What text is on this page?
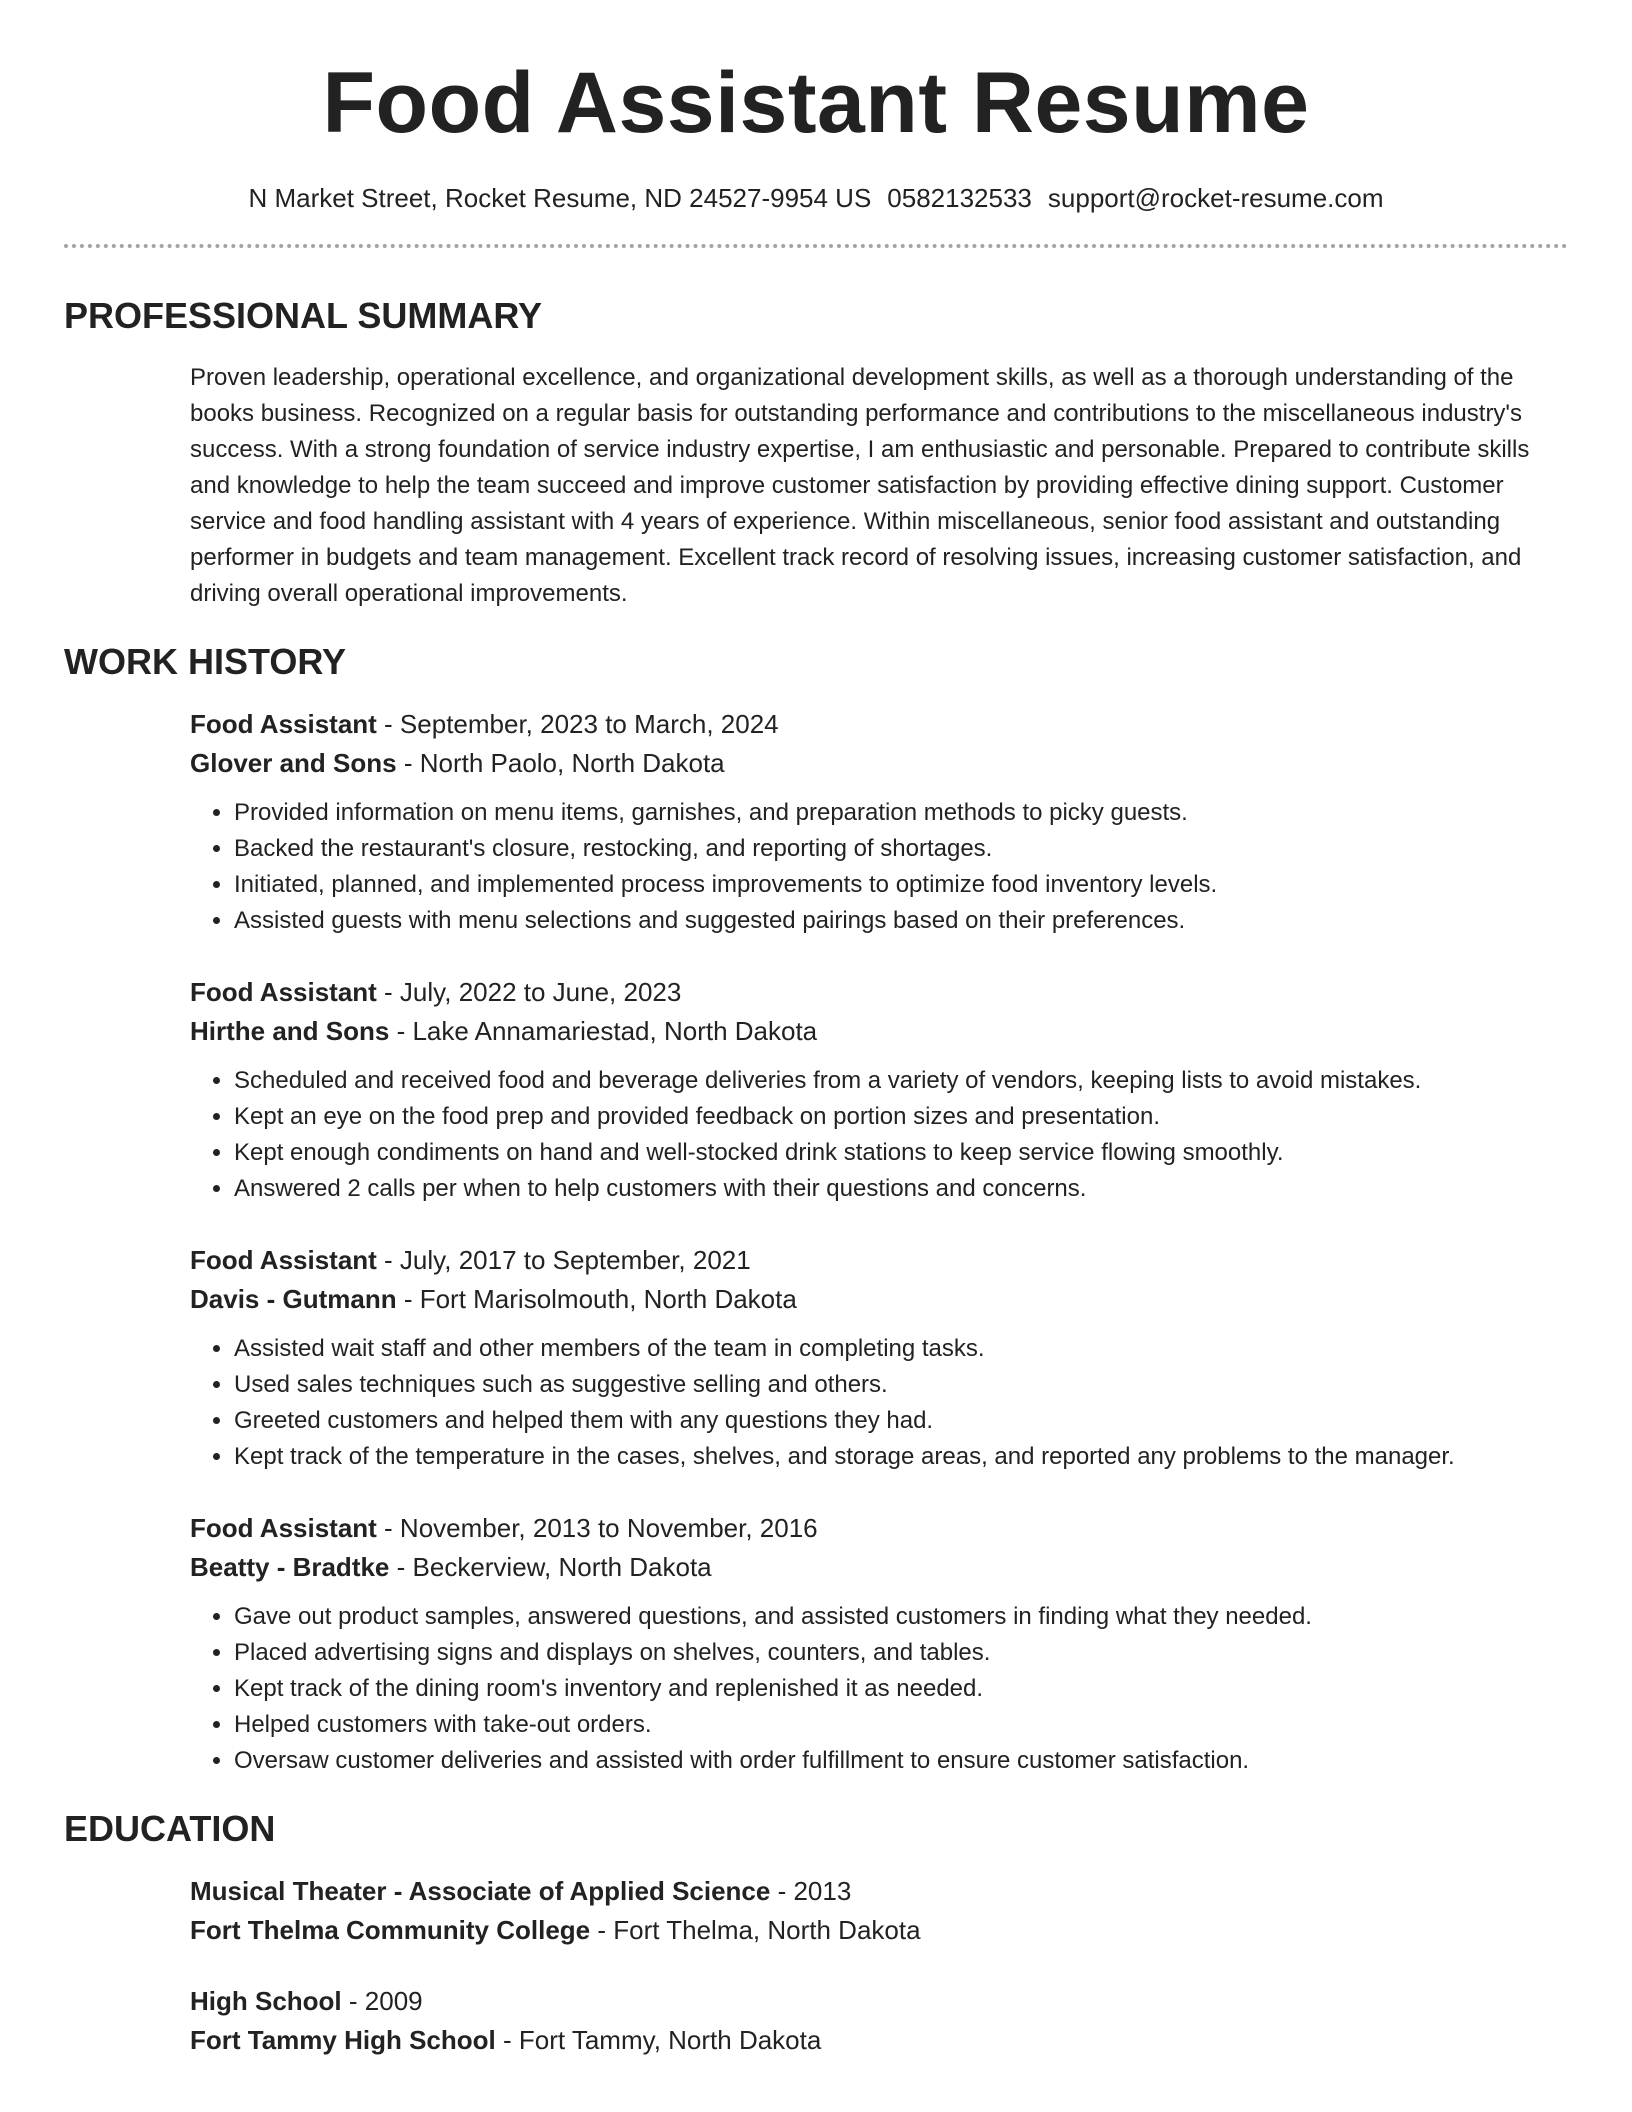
Food Assistant Resume
N Market Street, Rocket Resume, ND 24527-9954 US 0582132533 support@rocket-resume.com
PROFESSIONAL SUMMARY

Proven leadership, operational excellence, and organizational development skills, as well as a thorough understanding of the books business. Recognized on a regular basis for outstanding performance and contributions to the miscellaneous industry's success. With a strong foundation of service industry expertise, I am enthusiastic and personable. Prepared to contribute skills and knowledge to help the team succeed and improve customer satisfaction by providing effective dining support. Customer service and food handling assistant with 4 years of experience. Within miscellaneous, senior food assistant and outstanding performer in budgets and team management. Excellent track record of resolving issues, increasing customer satisfaction, and driving overall operational improvements.

WORK HISTORY
Food Assistant - September, 2023 to March, 2024
Glover and Sons - North Paolo, North Dakota
• Provided information on menu items, garnishes, and preparation methods to picky guests.
• Backed the restaurant's closure, restocking, and reporting of shortages.
• Initiated, planned, and implemented process improvements to optimize food inventory levels.
• Assisted guests with menu selections and suggested pairings based on their preferences.
Food Assistant - July, 2022 to June, 2023
Hirthe and Sons - Lake Annamariestad, North Dakota
• Scheduled and received food and beverage deliveries from a variety of vendors, keeping lists to avoid mistakes.
• Kept an eye on the food prep and provided feedback on portion sizes and presentation.
• Kept enough condiments on hand and well-stocked drink stations to keep service flowing smoothly.
• Answered 2 calls per when to help customers with their questions and concerns.
Food Assistant - July, 2017 to September, 2021
Davis - Gutmann - Fort Marisolmouth, North Dakota
• Assisted wait staff and other members of the team in completing tasks.
• Used sales techniques such as suggestive selling and others.
• Greeted customers and helped them with any questions they had.
• Kept track of the temperature in the cases, shelves, and storage areas, and reported any problems to the manager.
Food Assistant - November, 2013 to November, 2016
Beatty - Bradtke - Beckerview, North Dakota
• Gave out product samples, answered questions, and assisted customers in finding what they needed.
• Placed advertising signs and displays on shelves, counters, and tables.
• Kept track of the dining room's inventory and replenished it as needed.
• Helped customers with take-out orders.
• Oversaw customer deliveries and assisted with order fulfillment to ensure customer satisfaction.
EDUCATION
Musical Theater - Associate of Applied Science - 2013
Fort Thelma Community College - Fort Thelma, North Dakota
High School - 2009
Fort Tammy High School - Fort Tammy, North Dakota
